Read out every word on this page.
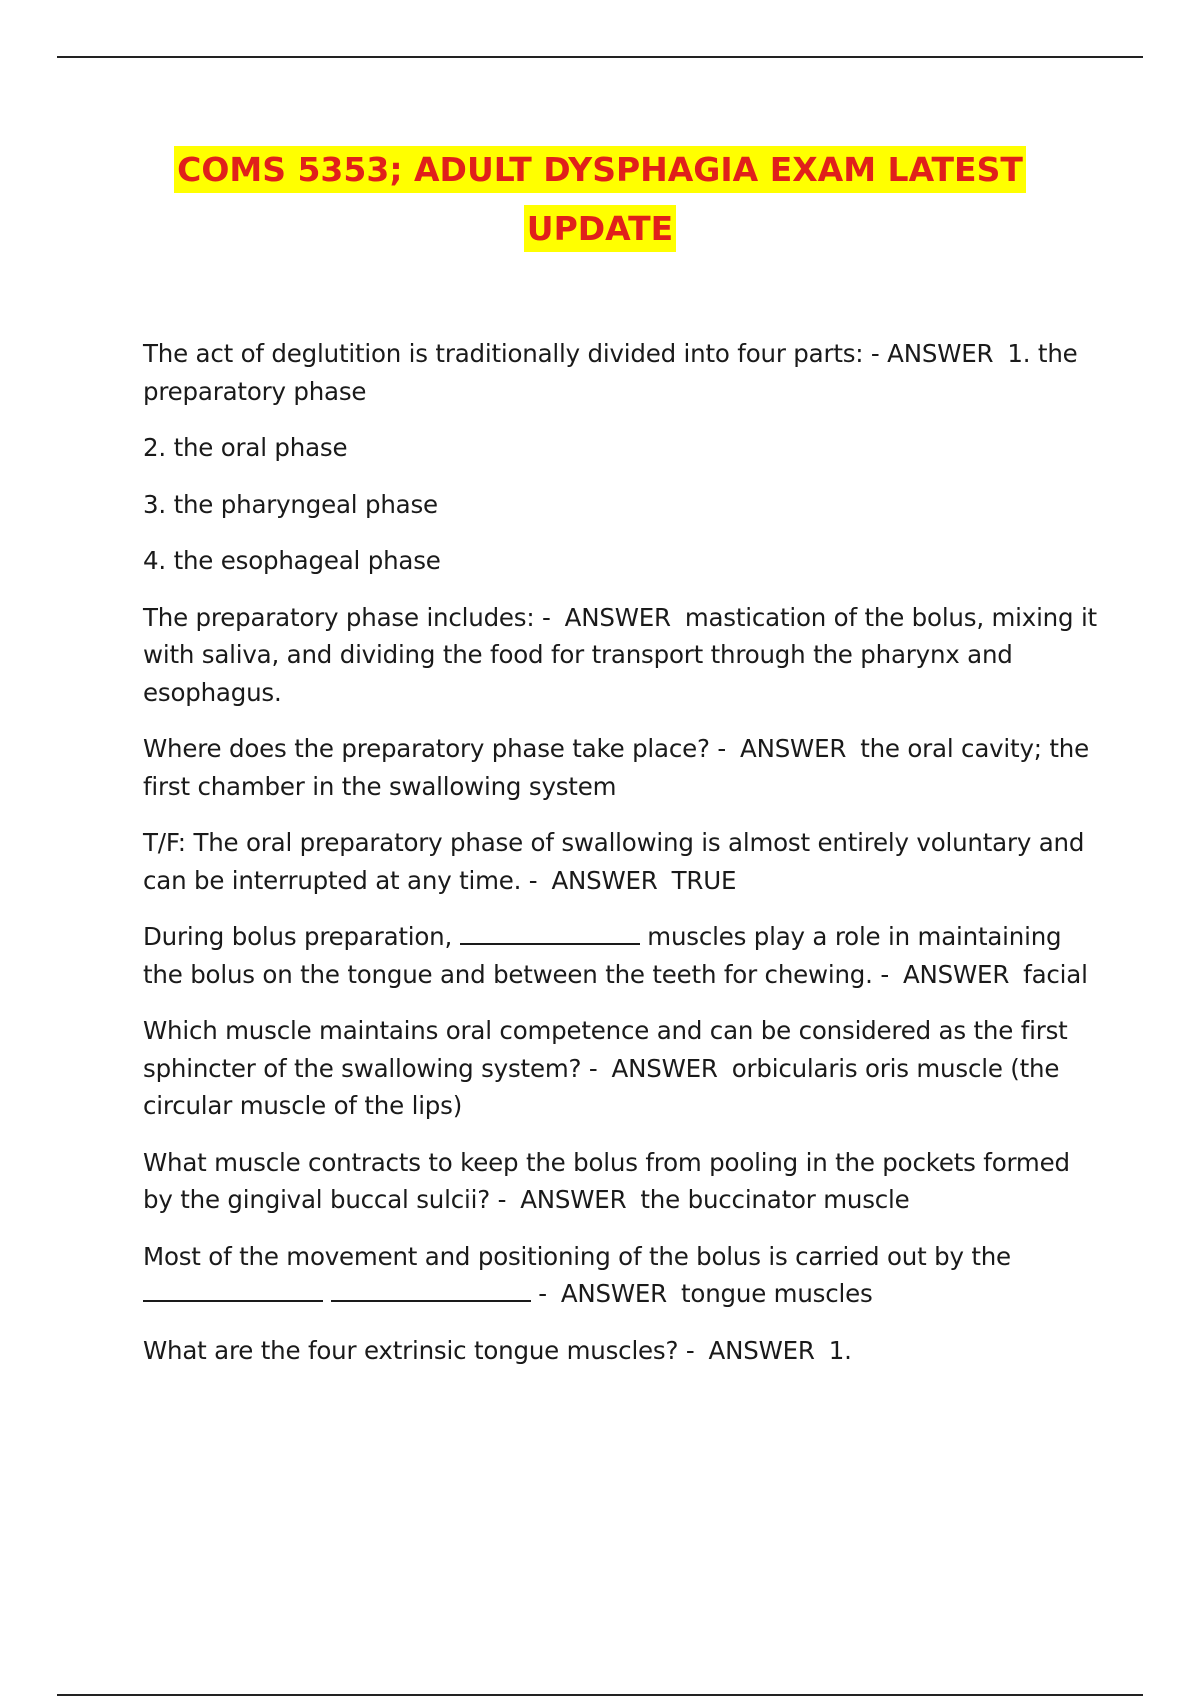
COMS 5353; ADULT DYSPHAGIA EXAM LATEST
UPDATE

The act of deglutition is traditionally divided into four parts: - ANSWER 1. the preparatory phase

2. the oral phase

3. the pharyngeal phase

4. the esophageal phase

The preparatory phase includes: - ANSWER mastication of the bolus, mixing it with saliva, and dividing the food for transport through the pharynx and esophagus.

Where does the preparatory phase take place? - ANSWER the oral cavity; the first chamber in the swallowing system

T/F: The oral preparatory phase of swallowing is almost entirely voluntary and can be interrupted at any time. - ANSWER TRUE

During bolus preparation,	muscles play a role in maintaining the bolus on the tongue and between the teeth for chewing. - ANSWER facial

Which muscle maintains oral competence and can be considered as the first sphincter of the swallowing system? - ANSWER orbicularis oris muscle (the circular muscle of the lips)

What muscle contracts to keep the bolus from pooling in the pockets formed by the gingival buccal sulcii? - ANSWER the buccinator muscle

Most of the movement and positioning of the bolus is carried out by the   - ANSWER tongue muscles

What are the four extrinsic tongue muscles? - ANSWER 1.
